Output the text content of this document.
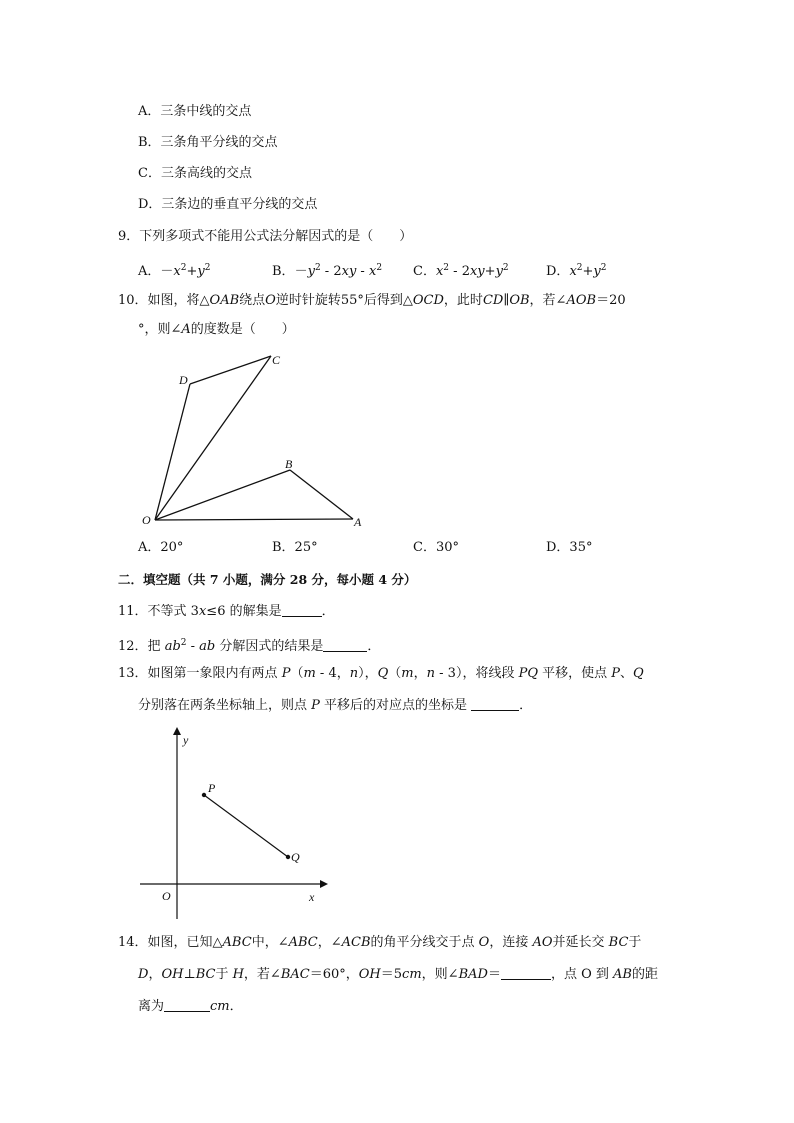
A．三条中线的交点
B．三条角平分线的交点
C．三条高线的交点
D．三条边的垂直平分线的交点
9．下列多项式不能用公式法分解因式的是（　　）
A．$-x^2+y^2$	B．$-y^2 - 2xy - x^2$ C．$x^2 - 2xy+y^2$	D．$x^2+y^2$
10．如图，将△OAB绕点O逆时针旋转55°后得到△OCD，此时CD∥OB，若∠AOB＝20
°，则∠A的度数是（　　）
D
C
B
O	A
A．20°	B．25°	C．30°	D．35°
二．填空题（共 7 小题，满分 28 分，每小题 4 分）
11．不等式 3x≤6 的解集是	．
12．把 $ab^2$ - ab 分解因式的结果是	．
13．如图第一象限内有两点 P（m - 4，n），Q（m，n - 3），将线段 PQ 平移，使点 P、Q
分别落在两条坐标轴上，则点 P 平移后的对应点的坐标是	．
y
x
O
P
Q
14．如图，已知△ABC中，∠ABC，∠ACB的角平分线交于点 O，连接 AO并延长交 BC于
D，OH⊥BC于 H，若∠BAC＝60°，OH＝5cm，则∠BAD＝	，点 O 到 AB的距
离为	cm．
